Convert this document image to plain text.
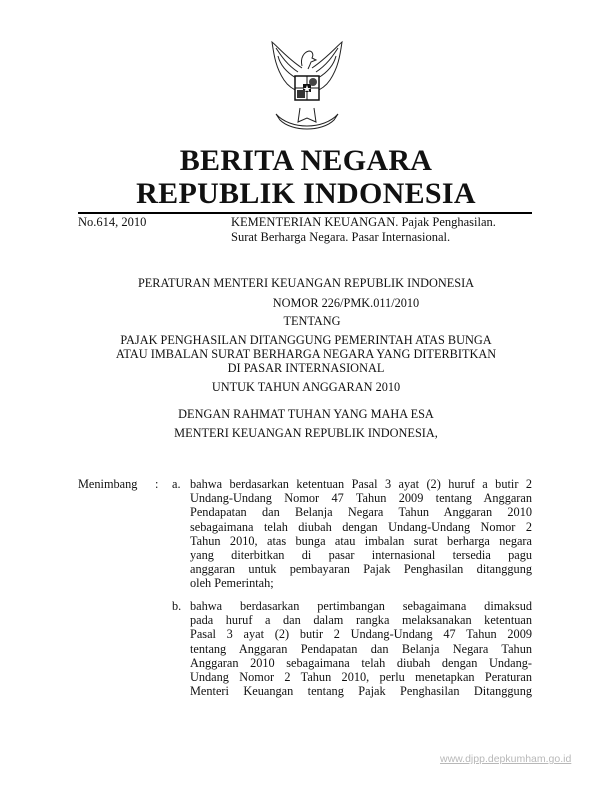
BERITA NEGARA
REPUBLIK INDONESIA
No.614, 2010	KEMENTERIAN KEUANGAN. Pajak Penghasilan.
Surat Berharga Negara. Pasar Internasional.
PERATURAN MENTERI KEUANGAN REPUBLIK INDONESIA
NOMOR 226/PMK.011/2010
TENTANG
PAJAK PENGHASILAN DITANGGUNG PEMERINTAH ATAS BUNGA
ATAU IMBALAN SURAT BERHARGA NEGARA YANG DITERBITKAN
DI PASAR INTERNASIONAL
UNTUK TAHUN ANGGARAN 2010
DENGAN RAHMAT TUHAN YANG MAHA ESA
MENTERI KEUANGAN REPUBLIK INDONESIA,
Menimbang : a. bahwa berdasarkan ketentuan Pasal 3 ayat (2) huruf a butir 2
Undang-Undang Nomor 47 Tahun 2009 tentang Anggaran
Pendapatan dan Belanja Negara Tahun Anggaran 2010
sebagaimana telah diubah dengan Undang-Undang Nomor 2
Tahun 2010, atas bunga atau imbalan surat berharga negara
yang diterbitkan di pasar internasional tersedia pagu
anggaran untuk pembayaran Pajak Penghasilan ditanggung
oleh Pemerintah;
b. bahwa berdasarkan pertimbangan sebagaimana dimaksud
pada huruf a dan dalam rangka melaksanakan ketentuan
Pasal 3 ayat (2) butir 2 Undang-Undang 47 Tahun 2009
tentang Anggaran Pendapatan dan Belanja Negara Tahun
Anggaran 2010 sebagaimana telah diubah dengan Undang-
Undang Nomor 2 Tahun 2010, perlu menetapkan Peraturan
Menteri Keuangan tentang Pajak Penghasilan Ditanggung
www.djpp.depkumham.go.id
